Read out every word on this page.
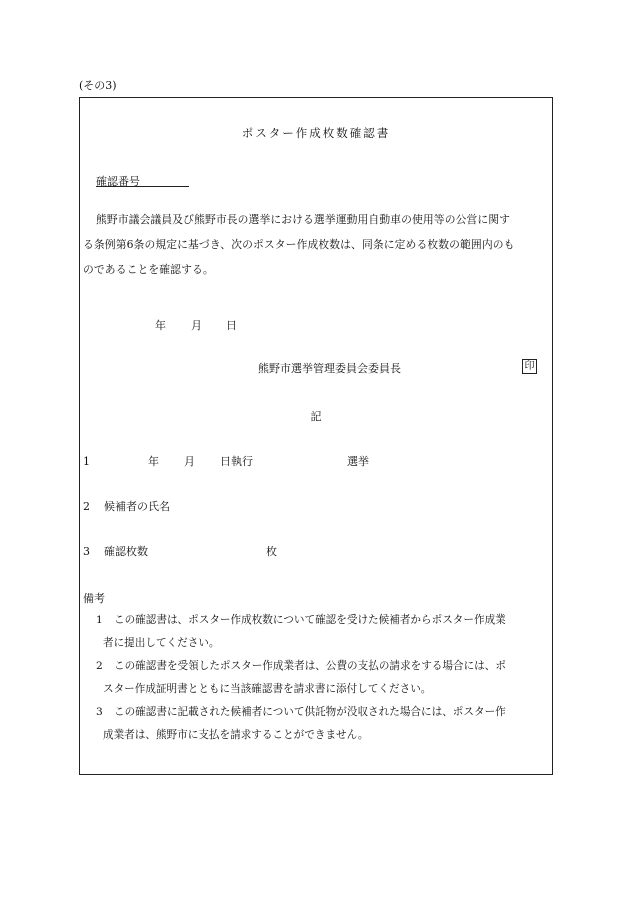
(その3)
ポスター作成枚数確認書
確認番号
熊野市議会議員及び熊野市長の選挙における選挙運動用自動車の使用等の公営に関す
る条例第6条の規定に基づき、次のポスター作成枚数は、同条に定める枚数の範囲内のも
のであることを確認する。
年 月 日
熊野市選挙管理委員会委員長	印
記
1	年 月 日執行	選挙
2 候補者の氏名
3 確認枚数	枚
備考
1 この確認書は、ポスター作成枚数について確認を受けた候補者からポスター作成業
者に提出してください。
2 この確認書を受領したポスター作成業者は、公費の支払の請求をする場合には、ポ
スター作成証明書とともに当該確認書を請求書に添付してください。
3 この確認書に記載された候補者について供託物が没収された場合には、ポスター作
成業者は、熊野市に支払を請求することができません。
